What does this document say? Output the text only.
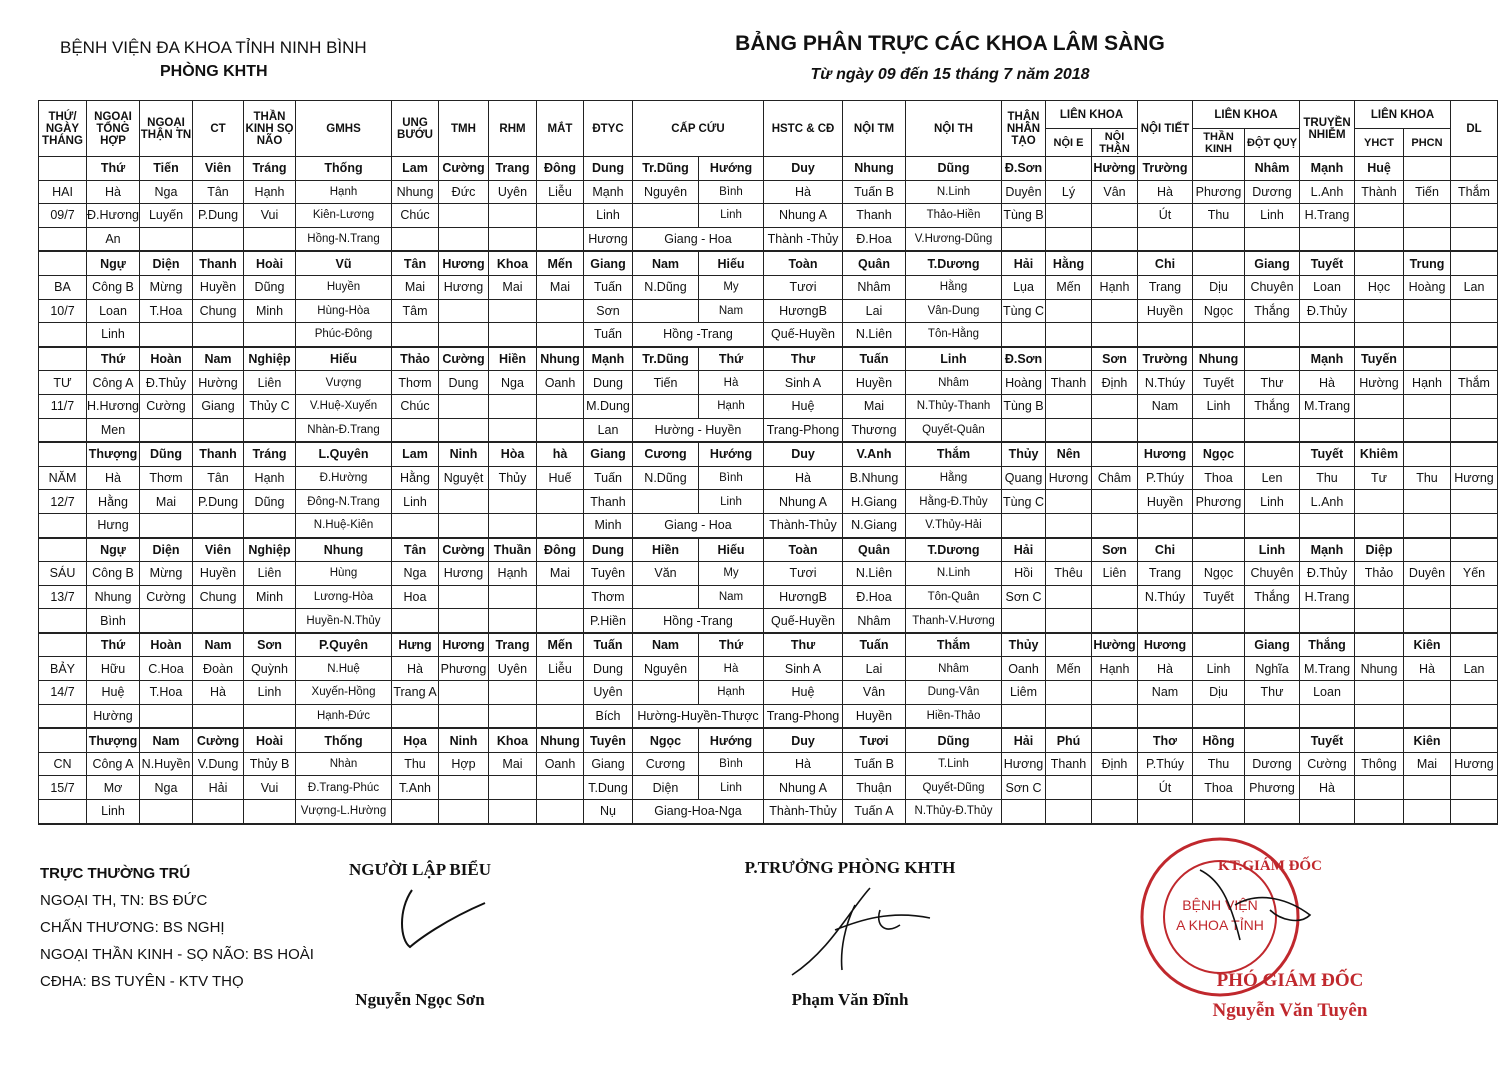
BỆNH VIỆN ĐA KHOA TỈNH NINH BÌNH
PHÒNG KHTH
BẢNG PHÂN TRỰC CÁC KHOA LÂM SÀNG
Từ ngày 09 đến 15 tháng 7 năm 2018
THỨ/ NGÀY THÁNG	NGOẠI TỔNG HỢP	NGOẠI THẬN TN	CT	THẦN KINH SỌ NÃO	GMHS	UNG BƯỚU	TMH	RHM	MẮT	ĐTYC	CẤP CỨU		HSTC & CĐ	NỘI TM	NỘI TH	THẬN NHÂN TẠO	LIÊN KHOA		NỘI TIẾT	LIÊN KHOA		TRUYỀN NHIỄM	LIÊN KHOA		DL
																	NỘI E	NỘI THẬN		THẦN KINH	ĐỘT QUỴ		YHCT	PHCN	
	Thứ	Tiến	Viên	Tráng	Thống	Lam	Cường	Trang	Đông	Dung	Tr.Dũng	Hướng	Duy	Nhung	Dũng	Đ.Sơn		Hường	Trường		Nhâm	Mạnh	Huệ		
HAI	Hà	Nga	Tân	Hạnh	Hạnh	Nhung	Đức	Uyên	Liễu	Mạnh	Nguyên	Bình	Hà	Tuấn B	N.Linh	Duyên	Lý	Vân	Hà	Phương	Dương	L.Anh	Thành	Tiến	Thắm
09/7	Đ.Hương	Luyến	P.Dung	Vui	Kiên-Lương	Chúc				Linh		Linh	Nhung A	Thanh	Thảo-Hiền	Tùng B			Út	Thu	Linh	H.Trang			
	An				Hồng-N.Trang					Hương	Giang - Hoa		Thành -Thủy	Đ.Hoa	V.Hương-Dũng										
	Ngự	Diện	Thanh	Hoài	Vũ	Tân	Hương	Khoa	Mến	Giang	Nam	Hiếu	Toàn	Quân	T.Dương	Hải	Hằng		Chi		Giang	Tuyết		Trung	
BA	Công B	Mừng	Huyền	Dũng	Huyền	Mai	Hương	Mai	Mai	Tuấn	N.Dũng	My	Tươi	Nhâm	Hằng	Lụa	Mến	Hạnh	Trang	Dịu	Chuyên	Loan	Học	Hoàng	Lan
10/7	Loan	T.Hoa	Chung	Minh	Hùng-Hòa	Tâm				Sơn		Nam	HươngB	Lai	Vân-Dung	Tùng C			Huyền	Ngọc	Thắng	Đ.Thủy			
	Linh				Phúc-Đông					Tuấn	Hồng -Trang		Quế-Huyền	N.Liên	Tôn-Hằng										
	Thứ	Hoàn	Nam	Nghiệp	Hiếu	Thảo	Cường	Hiền	Nhung	Mạnh	Tr.Dũng	Thứ	Thư	Tuấn	Linh	Đ.Sơn		Sơn	Trường	Nhung		Mạnh	Tuyến		
TƯ	Công A	Đ.Thủy	Hường	Liên	Vượng	Thơm	Dung	Nga	Oanh	Dung	Tiến	Hà	Sinh A	Huyền	Nhâm	Hoàng	Thanh	Định	N.Thúy	Tuyết	Thư	Hà	Hường	Hạnh	Thắm
11/7	H.Hương	Cường	Giang	Thủy C	V.Huệ-Xuyến	Chúc				M.Dung		Hạnh	Huệ	Mai	N.Thủy-Thanh	Tùng B			Nam	Linh	Thắng	M.Trang			
	Men				Nhàn-Đ.Trang					Lan	Hường - Huyền		Trang-Phong	Thương	Quyết-Quân										
	Thượng	Dũng	Thanh	Tráng	L.Quyên	Lam	Ninh	Hòa	hà	Giang	Cương	Hướng	Duy	V.Anh	Thắm	Thủy	Nên		Hương	Ngọc		Tuyết	Khiêm		
NĂM	Hà	Thơm	Tân	Hạnh	Đ.Hường	Hằng	Nguyệt	Thủy	Huế	Tuấn	N.Dũng	Bình	Hà	B.Nhung	Hằng	Quang	Hương	Châm	P.Thúy	Thoa	Len	Thu	Tư	Thu	Hương
12/7	Hằng	Mai	P.Dung	Dũng	Đông-N.Trang	Linh				Thanh		Linh	Nhung A	H.Giang	Hằng-Đ.Thủy	Tùng C			Huyền	Phương	Linh	L.Anh			
	Hưng				N.Huệ-Kiên					Minh	Giang - Hoa		Thành-Thủy	N.Giang	V.Thủy-Hải										
	Ngự	Diện	Viên	Nghiệp	Nhung	Tân	Cường	Thuần	Đông	Dung	Hiền	Hiếu	Toàn	Quân	T.Dương	Hải		Sơn	Chi		Linh	Mạnh	Diệp		
SÁU	Công B	Mừng	Huyền	Liên	Hùng	Nga	Hương	Hạnh	Mai	Tuyên	Văn	My	Tươi	N.Liên	N.Linh	Hồi	Thêu	Liên	Trang	Ngọc	Chuyên	Đ.Thủy	Thảo	Duyên	Yến
13/7	Nhung	Cường	Chung	Minh	Lương-Hòa	Hoa				Thơm		Nam	HươngB	Đ.Hoa	Tôn-Quân	Sơn C			N.Thúy	Tuyết	Thắng	H.Trang			
	Bình				Huyền-N.Thủy					P.Hiền	Hồng -Trang		Quế-Huyền	Nhâm	Thanh-V.Hương										
	Thứ	Hoàn	Nam	Sơn	P.Quyên	Hưng	Hương	Trang	Mến	Tuấn	Nam	Thứ	Thư	Tuấn	Thắm	Thủy		Hường	Hương		Giang	Thắng		Kiên	
BẢY	Hữu	C.Hoa	Đoàn	Quỳnh	N.Huệ	Hà	Phương	Uyên	Liễu	Dung	Nguyên	Hà	Sinh A	Lai	Nhâm	Oanh	Mến	Hạnh	Hà	Linh	Nghĩa	M.Trang	Nhung	Hà	Lan
14/7	Huệ	T.Hoa	Hà	Linh	Xuyến-Hồng	Trang A				Uyên		Hạnh	Huệ	Vân	Dung-Vân	Liêm			Nam	Dịu	Thư	Loan			
	Hường				Hạnh-Đức					Bích	Hường-Huyền-Thược		Trang-Phong	Huyền	Hiền-Thảo										
	Thượng	Nam	Cường	Hoài	Thống	Họa	Ninh	Khoa	Nhung	Tuyên	Ngọc	Hướng	Duy	Tươi	Dũng	Hải	Phú		Thơ	Hồng		Tuyết		Kiên	
CN	Công A	N.Huyền	V.Dung	Thủy B	Nhàn	Thu	Hợp	Mai	Oanh	Giang	Cương	Bình	Hà	Tuấn B	T.Linh	Hương	Thanh	Định	P.Thúy	Thu	Dương	Cường	Thông	Mai	Hương
15/7	Mơ	Nga	Hải	Vui	Đ.Trang-Phúc	T.Anh				T.Dung	Diện	Linh	Nhung A	Thuận	Quyết-Dũng	Sơn C			Út	Thoa	Phương	Hà			
	Linh				Vượng-L.Hường					Nụ	Giang-Hoa-Nga		Thành-Thủy	Tuấn A	N.Thủy-Đ.Thủy										
TRỰC THƯỜNG TRÚ
NGOẠI TH, TN: BS ĐỨC
CHẤN THƯƠNG: BS NGHỊ
NGOẠI THẦN KINH - SỌ NÃO: BS HOÀI
CĐHA: BS TUYÊN - KTV THỌ
NGƯỜI LẬP BIỂU
Nguyễn Ngọc Sơn
P.TRƯỞNG PHÒNG KHTH
Phạm Văn Đĩnh
BỆNH VIỆN
A KHOA TỈNH
KT.GIÁM ĐỐC
PHÓ GIÁM ĐỐC
Nguyễn Văn Tuyên
